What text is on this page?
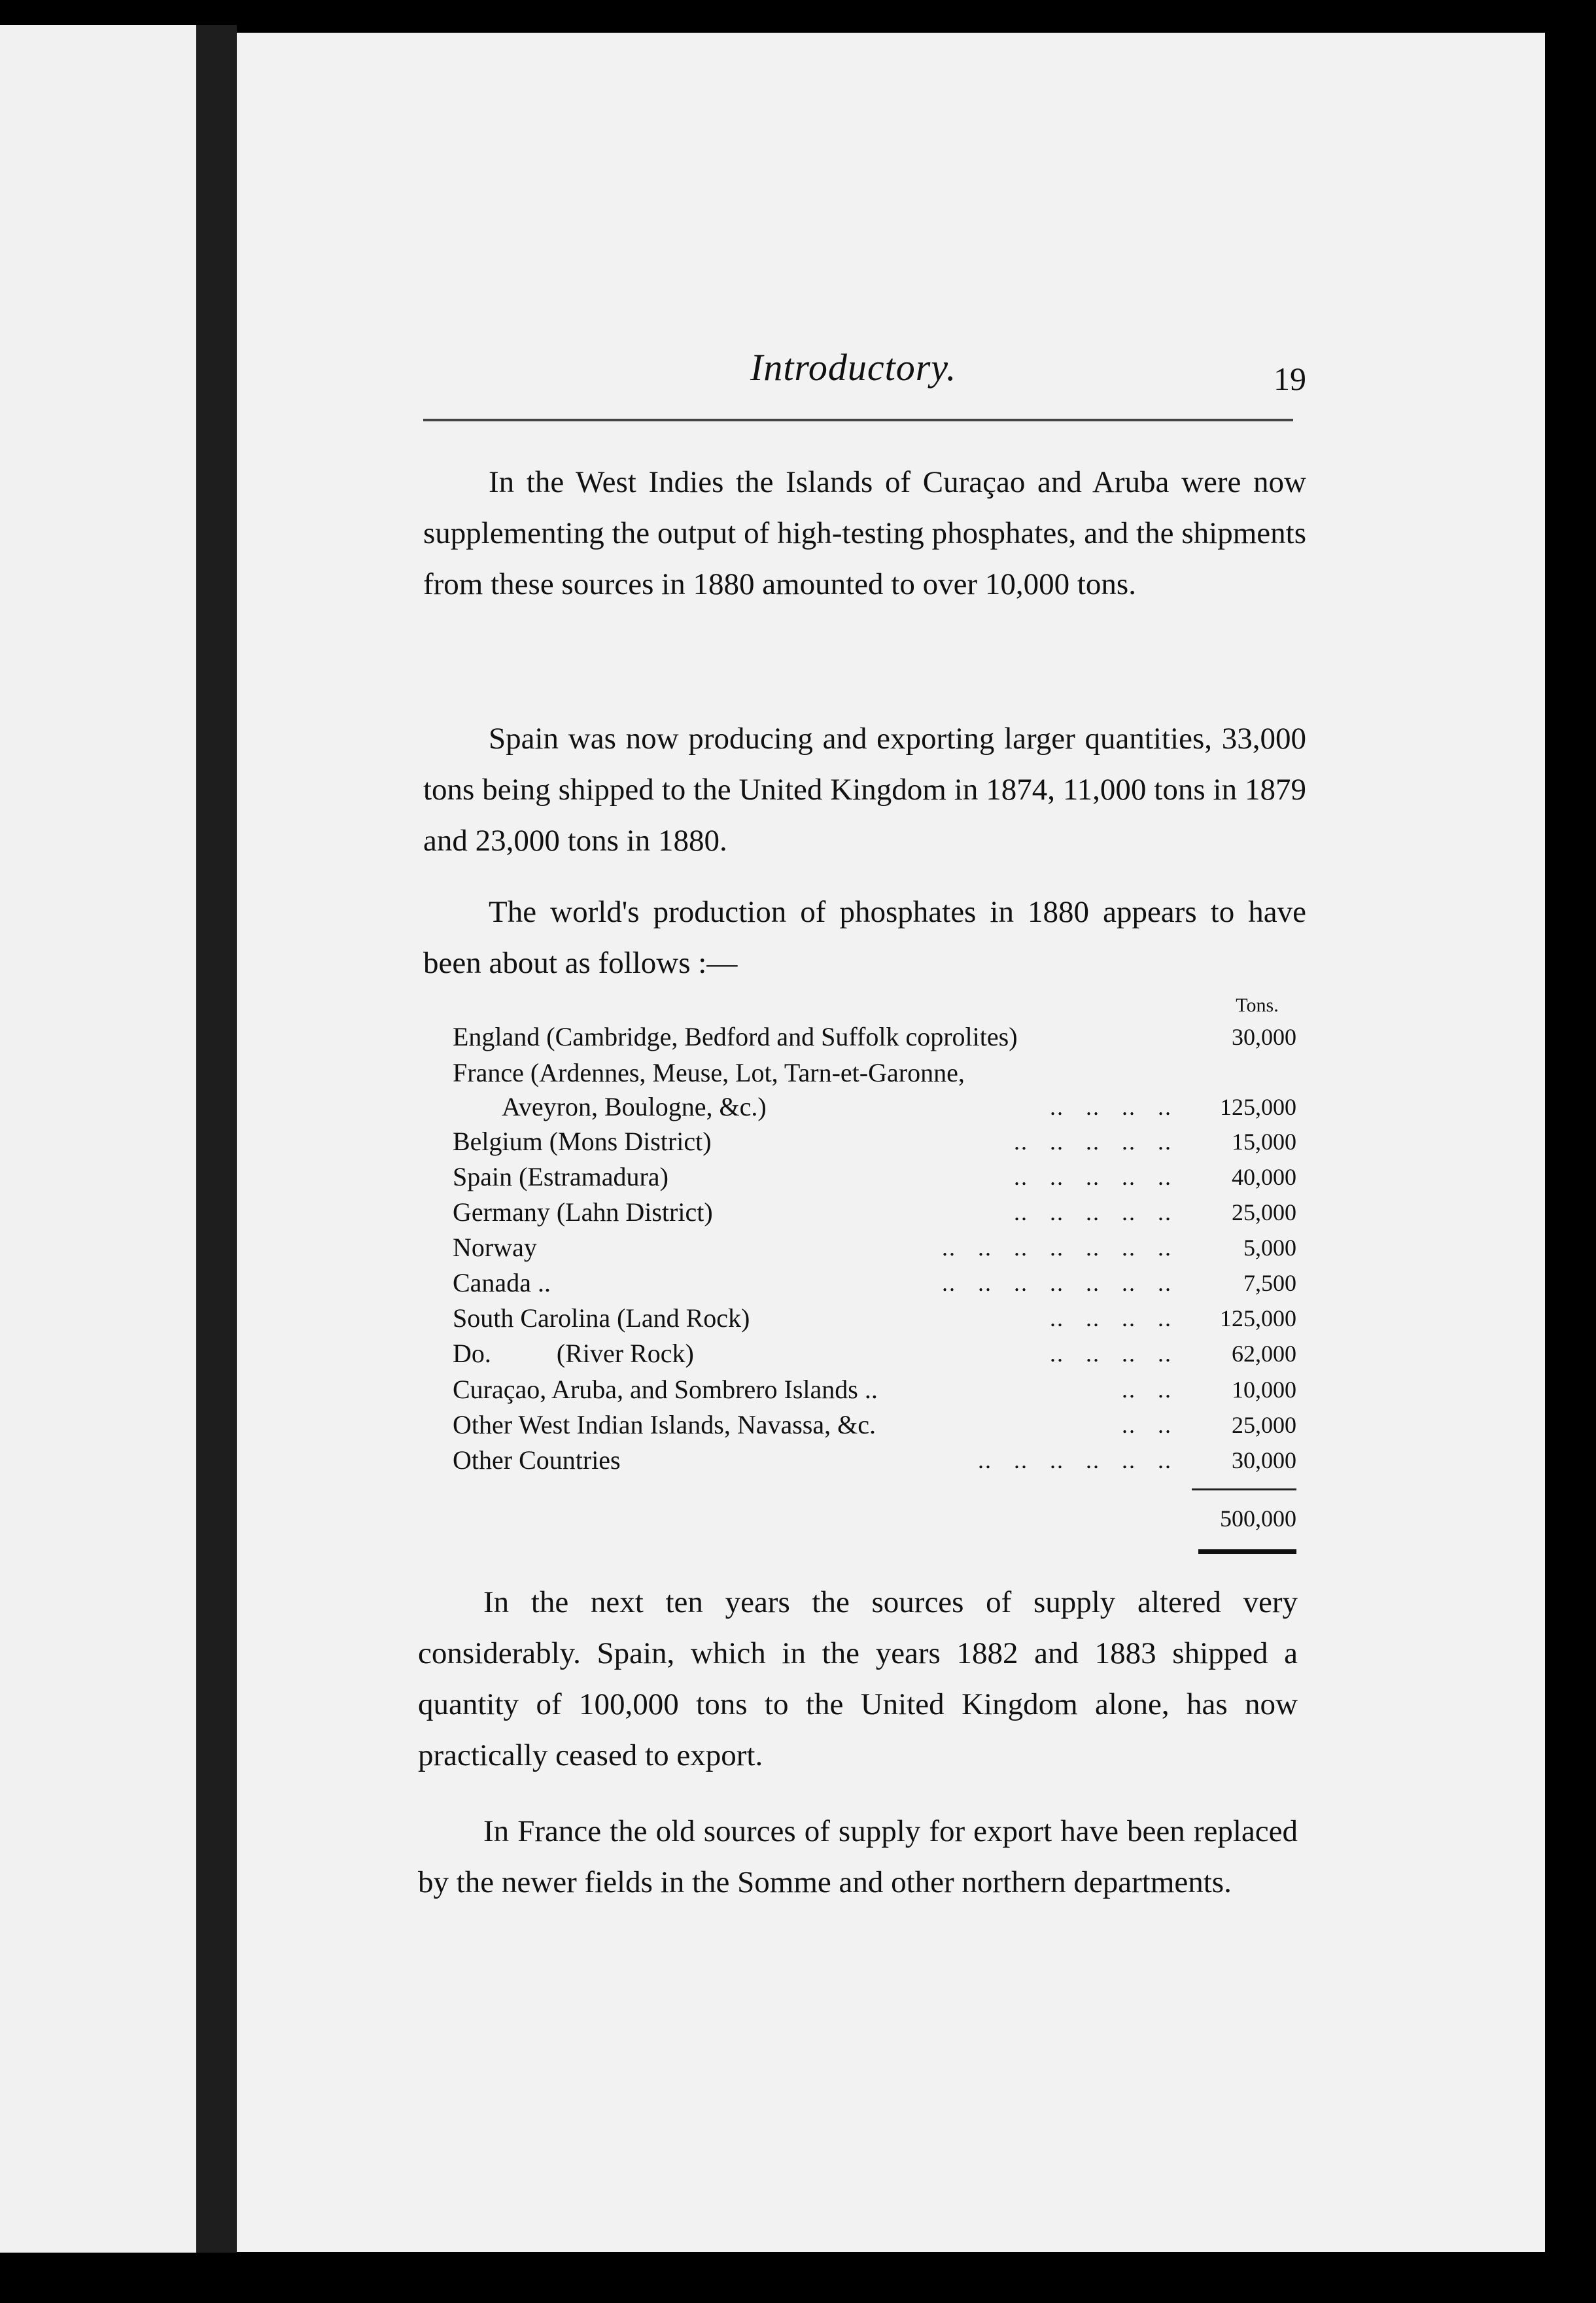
Introductory.	19

In the West Indies the Islands of Curaçao and Aruba were now supplementing the output of high-testing phosphates, and the shipments from these sources in 1880 amounted to over 10,000 tons.

Spain was now producing and exporting larger quantities, 33,000 tons being shipped to the United Kingdom in 1874, 11,000 tons in 1879 and 23,000 tons in 1880.

The world's production of phosphates in 1880 appears to have been about as follows :—

Tons.
England (Cambridge, Bedford and Suffolk coprolites)	30,000
France (Ardennes, Meuse, Lot, Tarn-et-Garonne,
Aveyron, Boulogne, &c.)	..   ..   ..   ..	125,000
Belgium (Mons District)	..   ..   ..   ..   ..	15,000
Spain (Estramadura)	..   ..   ..   ..   ..	40,000
Germany (Lahn District)	..   ..   ..   ..   ..	25,000
Norway	..   ..   ..   ..   ..   ..   ..	5,000
Canada ..	..   ..   ..   ..   ..   ..   ..	7,500
South Carolina (Land Rock)	..   ..   ..   ..	125,000
Do.          (River Rock)	..   ..   ..   ..	62,000
Curaçao, Aruba, and Sombrero Islands ..	..   ..	10,000
Other West Indian Islands, Navassa, &c.	..   ..	25,000
Other Countries	..   ..   ..   ..   ..   ..	30,000
500,000

In the next ten years the sources of supply altered very considerably. Spain, which in the years 1882 and 1883 shipped a quantity of 100,000 tons to the United Kingdom alone, has now practically ceased to export.

In France the old sources of supply for export have been replaced by the newer fields in the Somme and other northern departments.
